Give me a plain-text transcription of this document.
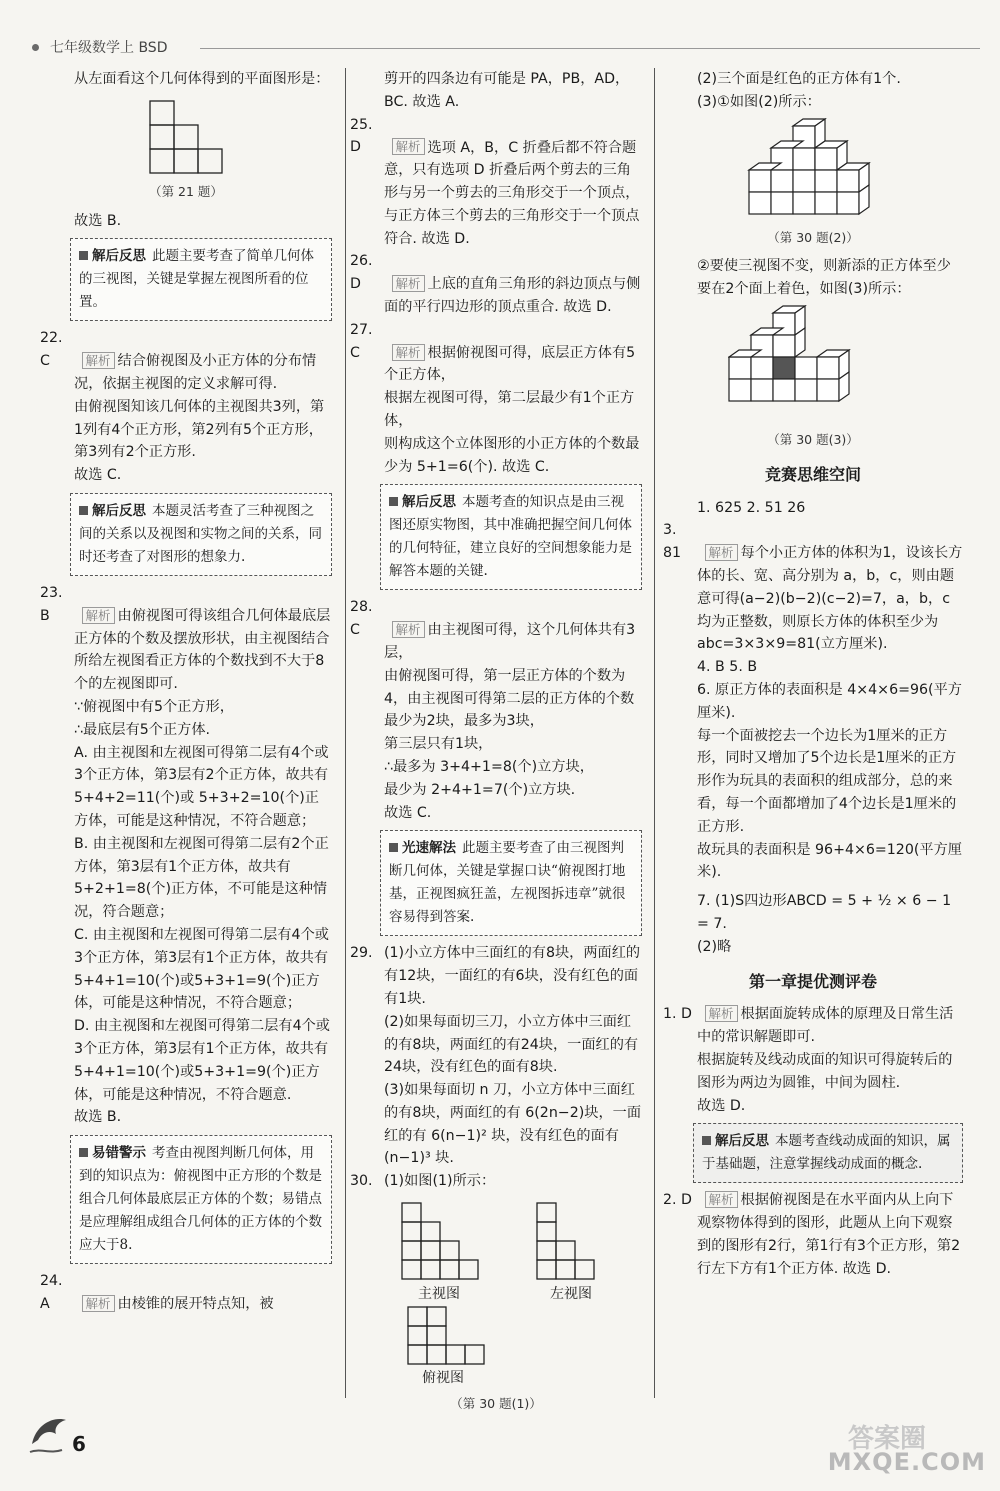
七年级数学上 BSD

从左面看这个几何体得到的平面图形是：

（第 21 题）

故选 B.

解后反思 此题主要考查了简单几何体的三视图，关键是掌握左视图所看的位置。

22. C	解析 结合俯视图及小正方体的分布情况，依据主视图的定义求解可得.

由俯视图知该几何体的主视图共3列，第1列有4个正方形，第2列有5个正方形，第3列有2个正方形.

故选 C.

解后反思 本题灵活考查了三种视图之间的关系以及视图和实物之间的关系，同时还考查了对图形的想象力.

23. B	解析 由俯视图可得该组合几何体最底层正方体的个数及摆放形状，由主视图结合所给左视图看正方体的个数找到不大于8个的左视图即可.

∵俯视图中有5个正方形，

∴最底层有5个正方体.

A. 由主视图和左视图可得第二层有4个或3个正方体，第3层有2个正方体，故共有 5+4+2=11(个)或 5+3+2=10(个)正方体，可能是这种情况，不符合题意；

B. 由主视图和左视图可得第二层有2个正方体，第3层有1个正方体，故共有 5+2+1=8(个)正方体，不可能是这种情况，符合题意；

C. 由主视图和左视图可得第二层有4个或3个正方体，第3层有1个正方体，故共有 5+4+1=10(个)或5+3+1=9(个)正方体，可能是这种情况，不符合题意；

D. 由主视图和左视图可得第二层有4个或3个正方体，第3层有1个正方体，故共有 5+4+1=10(个)或5+3+1=9(个)正方体，可能是这种情况，不符合题意.

故选 B.

易错警示 考查由视图判断几何体，用到的知识点为：俯视图中正方形的个数是组合几何体最底层正方体的个数；易错点是应理解组成组合几何体的正方体的个数应大于8.

24. A	解析 由棱锥的展开特点知，被

剪开的四条边有可能是 PA，PB，AD，BC. 故选 A.

25. D	解析 选项 A，B，C 折叠后都不符合题意，只有选项 D 折叠后两个剪去的三角形与另一个剪去的三角形交于一个顶点，与正方体三个剪去的三角形交于一个顶点符合. 故选 D.

26. D	解析 上底的直角三角形的斜边顶点与侧面的平行四边形的顶点重合. 故选 D.

27. C	解析 根据俯视图可得，底层正方体有5个正方体，

根据左视图可得，第二层最少有1个正方体，

则构成这个立体图形的小正方体的个数最少为 5+1=6(个). 故选 C.

解后反思 本题考查的知识点是由三视图还原实物图，其中准确把握空间几何体的几何特征，建立良好的空间想象能力是解答本题的关键.

28. C	解析 由主视图可得，这个几何体共有3层，

由俯视图可得，第一层正方体的个数为4，由主视图可得第二层的正方体的个数最少为2块，最多为3块，

第三层只有1块，

∴最多为 3+4+1=8(个)立方块，

最少为 2+4+1=7(个)立方块.

故选 C.

光速解法 此题主要考查了由三视图判断几何体，关键是掌握口诀“俯视图打地基，正视图疯狂盖，左视图拆违章”就很容易得到答案.

29. (1)小立方体中三面红的有8块，两面红的有12块，一面红的有6块，没有红色的面有1块.

(2)如果每面切三刀，小立方体中三面红的有8块，两面红的有24块，一面红的有24块，没有红色的面有8块.

(3)如果每面切 n 刀，小立方体中三面红的有8块，两面红的有 6(2n−2)块，一面红的有 6(n−1)² 块，没有红色的面有(n−1)³ 块.

30. (1)如图(1)所示：

主视图	左视图
俯视图
（第 30 题(1)）

(2)三个面是红色的正方体有1个.

(3)①如图(2)所示：

（第 30 题(2)）

②要使三视图不变，则新添的正方体至少要在2个面上着色，如图(3)所示：

（第 30 题(3)）
竞赛思维空间

1. 625 2. 51 26

3. 81 解析 每个小正方体的体积为1，设该长方体的长、宽、高分别为 a，b，c，则由题意可得(a−2)(b−2)(c−2)=7，a，b，c 均为正整数，则原长方体的体积至少为 abc=3×3×9=81(立方厘米).

4. B 5. B

6. 原正方体的表面积是 4×4×6=96(平方厘米).

每一个面被挖去一个边长为1厘米的正方形，同时又增加了5个边长是1厘米的正方形作为玩具的表面积的组成部分，总的来看，每一个面都增加了4个边长是1厘米的正方形.

故玩具的表面积是 96+4×6=120(平方厘米).

7. (1)S四边形ABCD = 5 + ½ × 6 − 1 = 7.

(2)略

第一章提优测评卷

1. D 解析 根据面旋转成体的原理及日常生活中的常识解题即可.

根据旋转及线动成面的知识可得旋转后的图形为两边为圆锥，中间为圆柱.

故选 D.

解后反思 本题考查线动成面的知识，属于基础题，注意掌握线动成面的概念.

2. D 解析 根据俯视图是在水平面内从上向下观察物体得到的图形，此题从上向下观察到的图形有2行，第1行有3个正方形，第2行左下方有1个正方体. 故选 D.

6	答案圈
MXQE.COM
